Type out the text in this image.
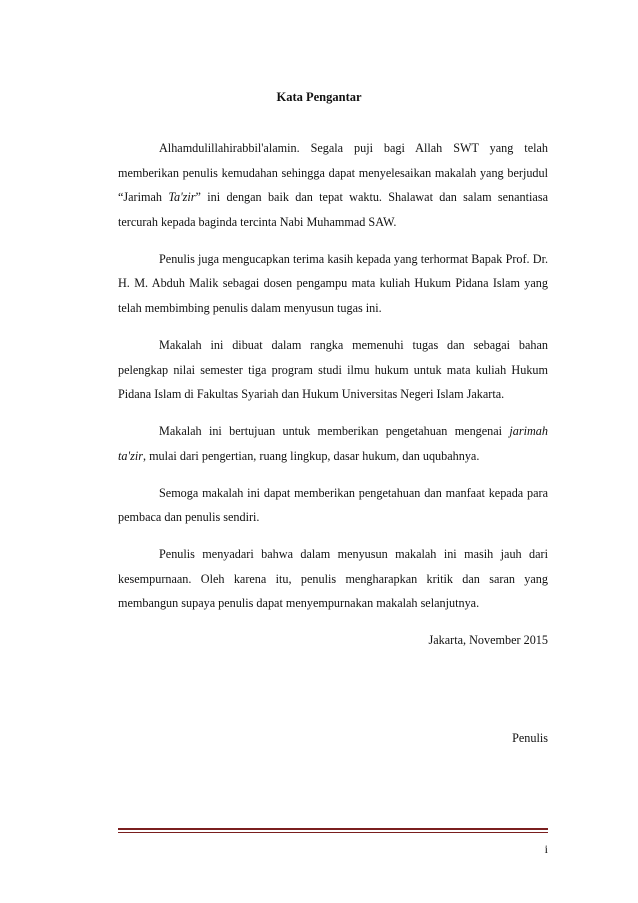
Kata Pengantar

Alhamdulillahirabbil'alamin. Segala puji bagi Allah SWT yang telah memberikan penulis kemudahan sehingga dapat menyelesaikan makalah yang berjudul “Jarimah Ta'zir” ini dengan baik dan tepat waktu. Shalawat dan salam senantiasa tercurah kepada baginda tercinta Nabi Muhammad SAW.

Penulis juga mengucapkan terima kasih kepada yang terhormat Bapak Prof. Dr. H. M. Abduh Malik sebagai dosen pengampu mata kuliah Hukum Pidana Islam yang telah membimbing penulis dalam menyusun tugas ini.

Makalah ini dibuat dalam rangka memenuhi tugas dan sebagai bahan pelengkap nilai semester tiga program studi ilmu hukum untuk mata kuliah Hukum Pidana Islam di Fakultas Syariah dan Hukum Universitas Negeri Islam Jakarta.

Makalah ini bertujuan untuk memberikan pengetahuan mengenai jarimah ta'zir, mulai dari pengertian, ruang lingkup, dasar hukum, dan uqubahnya.

Semoga makalah ini dapat memberikan pengetahuan dan manfaat kepada para pembaca dan penulis sendiri.

Penulis menyadari bahwa dalam menyusun makalah ini masih jauh dari kesempurnaan. Oleh karena itu, penulis mengharapkan kritik dan saran yang membangun supaya penulis dapat menyempurnakan makalah selanjutnya.

Jakarta, November 2015
Penulis
i
